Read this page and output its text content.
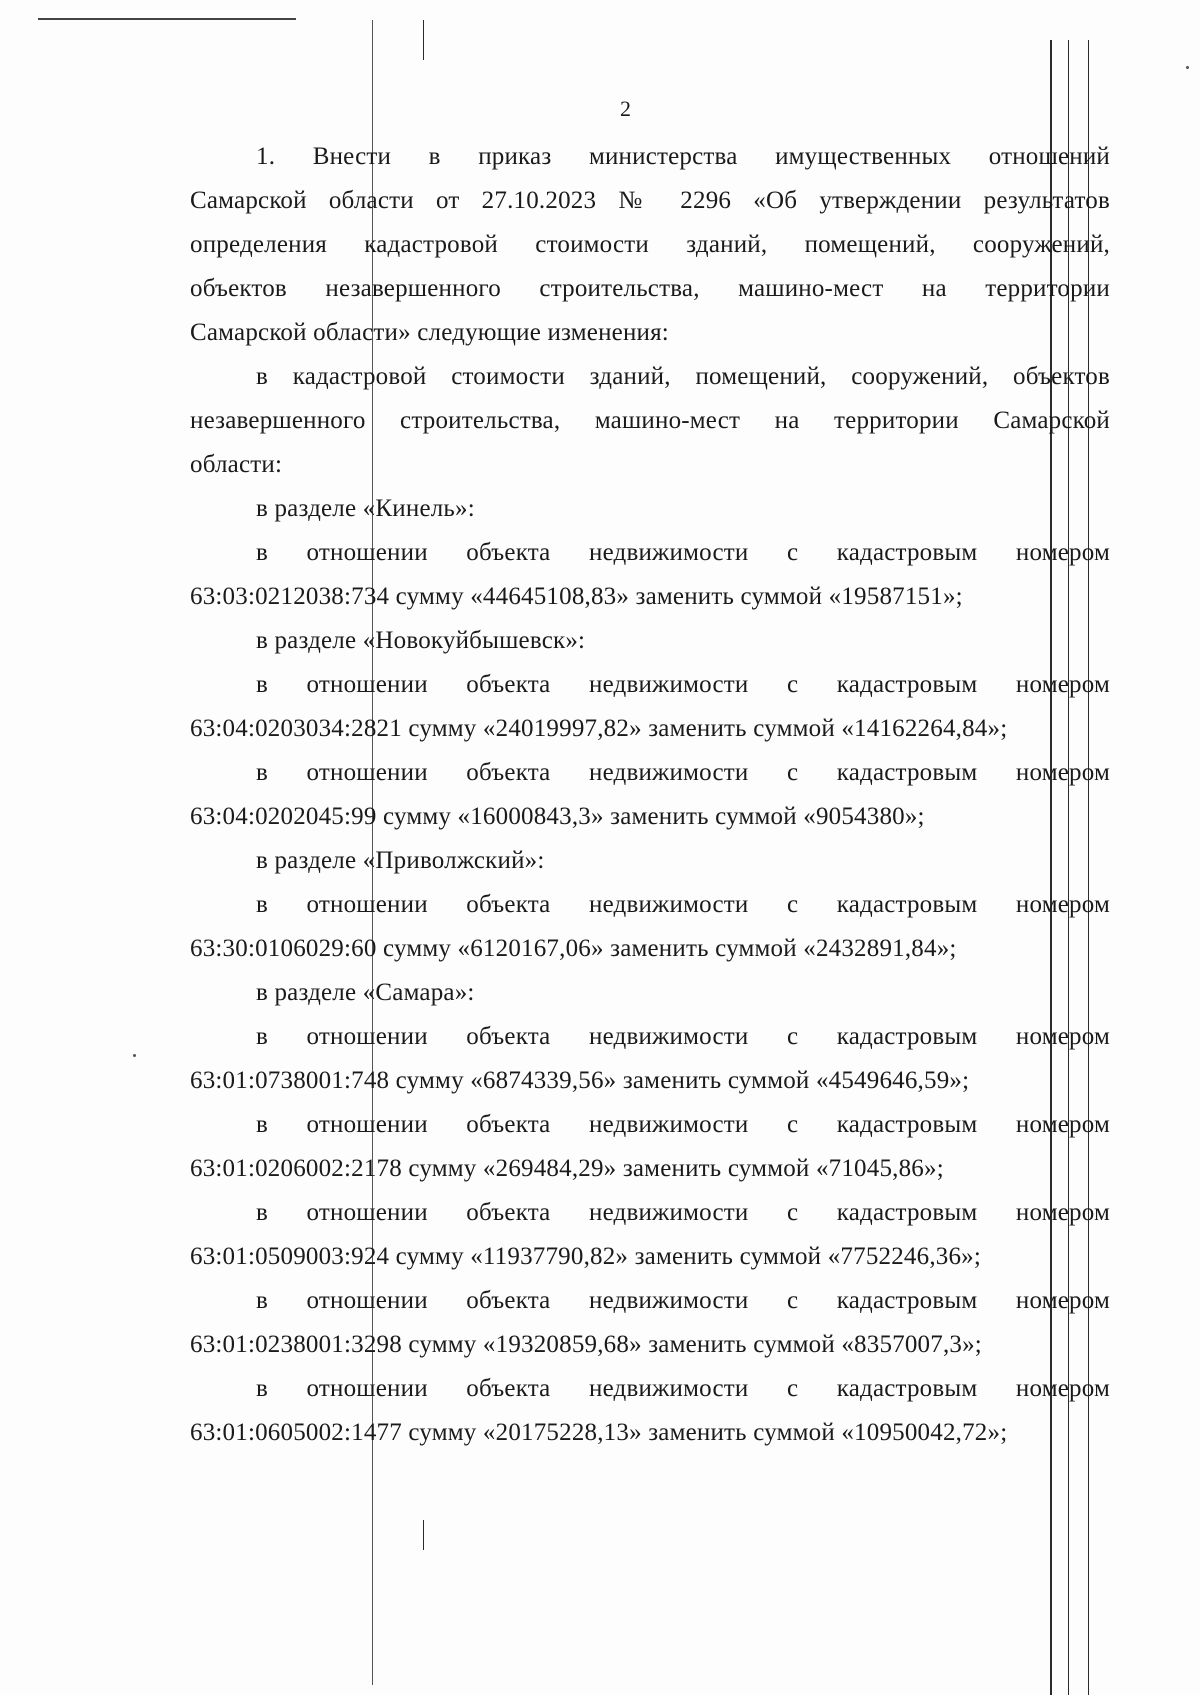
2
1. Внести в приказ министерства имущественных отношений
Самарской области от 27.10.2023 № 2296 «Об утверждении результатов
определения кадастровой стоимости зданий, помещений, сооружений,
объектов незавершенного строительства, машино-мест на территории
Самарской области» следующие изменения:
в кадастровой стоимости зданий, помещений, сооружений, объектов
незавершенного строительства, машино-мест на территории Самарской
области:
в разделе «Кинель»:
в отношении объекта недвижимости с кадастровым номером
63:03:0212038:734 сумму «44645108,83» заменить суммой «19587151»;
в разделе «Новокуйбышевск»:
в отношении объекта недвижимости с кадастровым номером
63:04:0203034:2821 сумму «24019997,82» заменить суммой «14162264,84»;
в отношении объекта недвижимости с кадастровым номером
63:04:0202045:99 сумму «16000843,3» заменить суммой «9054380»;
в разделе «Приволжский»:
в отношении объекта недвижимости с кадастровым номером
63:30:0106029:60 сумму «6120167,06» заменить суммой «2432891,84»;
в разделе «Самара»:
в отношении объекта недвижимости с кадастровым номером
63:01:0738001:748 сумму «6874339,56» заменить суммой «4549646,59»;
в отношении объекта недвижимости с кадастровым номером
63:01:0206002:2178 сумму «269484,29» заменить суммой «71045,86»;
в отношении объекта недвижимости с кадастровым номером
63:01:0509003:924 сумму «11937790,82» заменить суммой «7752246,36»;
в отношении объекта недвижимости с кадастровым номером
63:01:0238001:3298 сумму «19320859,68» заменить суммой «8357007,3»;
в отношении объекта недвижимости с кадастровым номером
63:01:0605002:1477 сумму «20175228,13» заменить суммой «10950042,72»;
